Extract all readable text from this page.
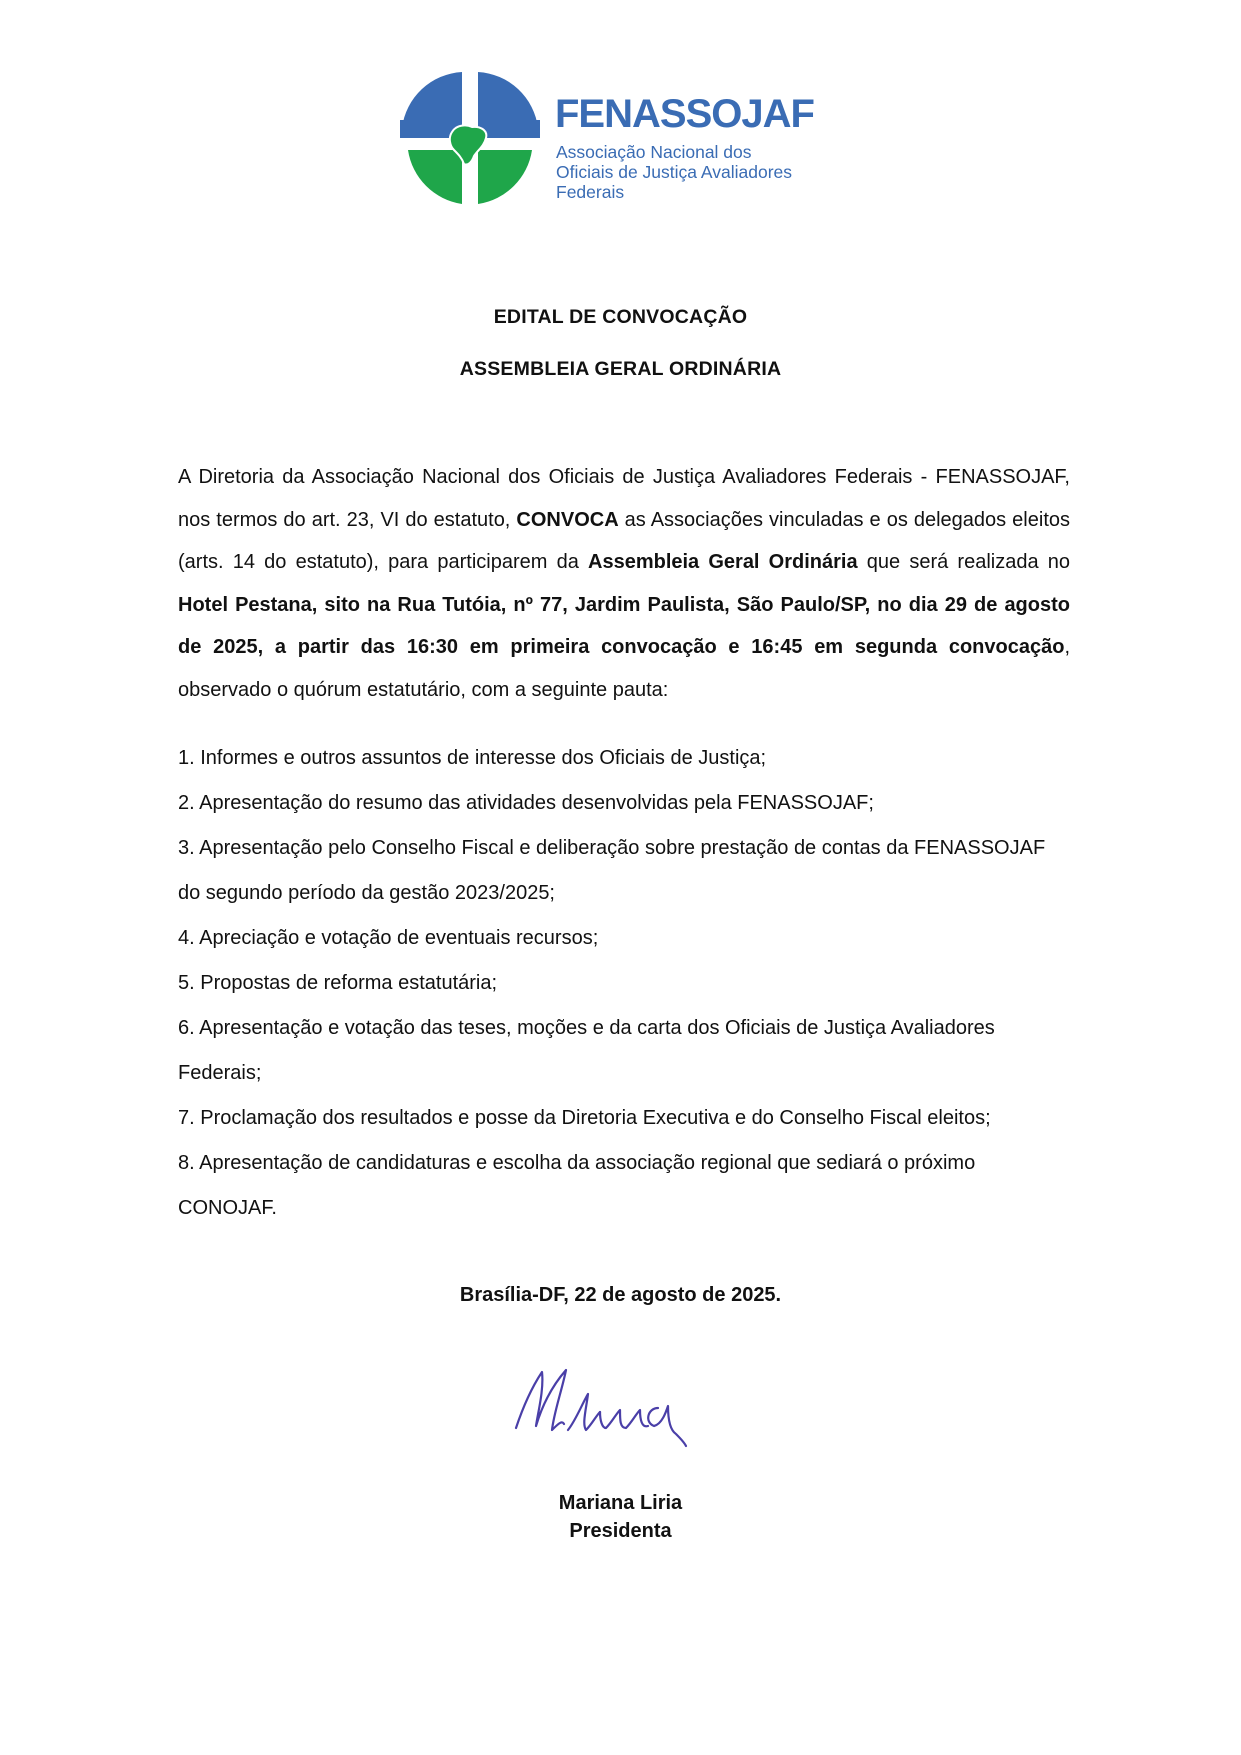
FENASSOJAF
Associação Nacional dos
Oficiais de Justiça Avaliadores Federais
EDITAL DE CONVOCAÇÃO
ASSEMBLEIA GERAL ORDINÁRIA

A Diretoria da Associação Nacional dos Oficiais de Justiça Avaliadores Federais - FENASSOJAF, nos termos do art. 23, VI do estatuto, CONVOCA as Associações vinculadas e os delegados eleitos (arts. 14 do estatuto), para participarem da Assembleia Geral Ordinária que será realizada no Hotel Pestana, sito na Rua Tutóia, nº 77, Jardim Paulista, São Paulo/SP, no dia 29 de agosto de 2025, a partir das 16:30 em primeira convocação e 16:45 em segunda convocação, observado o quórum estatutário, com a seguinte pauta:

1. Informes e outros assuntos de interesse dos Oficiais de Justiça;
2. Apresentação do resumo das atividades desenvolvidas pela FENASSOJAF;
3. Apresentação pelo Conselho Fiscal e deliberação sobre prestação de contas da FENASSOJAF do segundo período da gestão 2023/2025;
4. Apreciação e votação de eventuais recursos;
5. Propostas de reforma estatutária;
6. Apresentação e votação das teses, moções e da carta dos Oficiais de Justiça Avaliadores Federais;
7. Proclamação dos resultados e posse da Diretoria Executiva e do Conselho Fiscal eleitos;
8. Apresentação de candidaturas e escolha da associação regional que sediará o próximo CONOJAF.
Brasília-DF, 22 de agosto de 2025.
Mariana Liria
Presidenta
